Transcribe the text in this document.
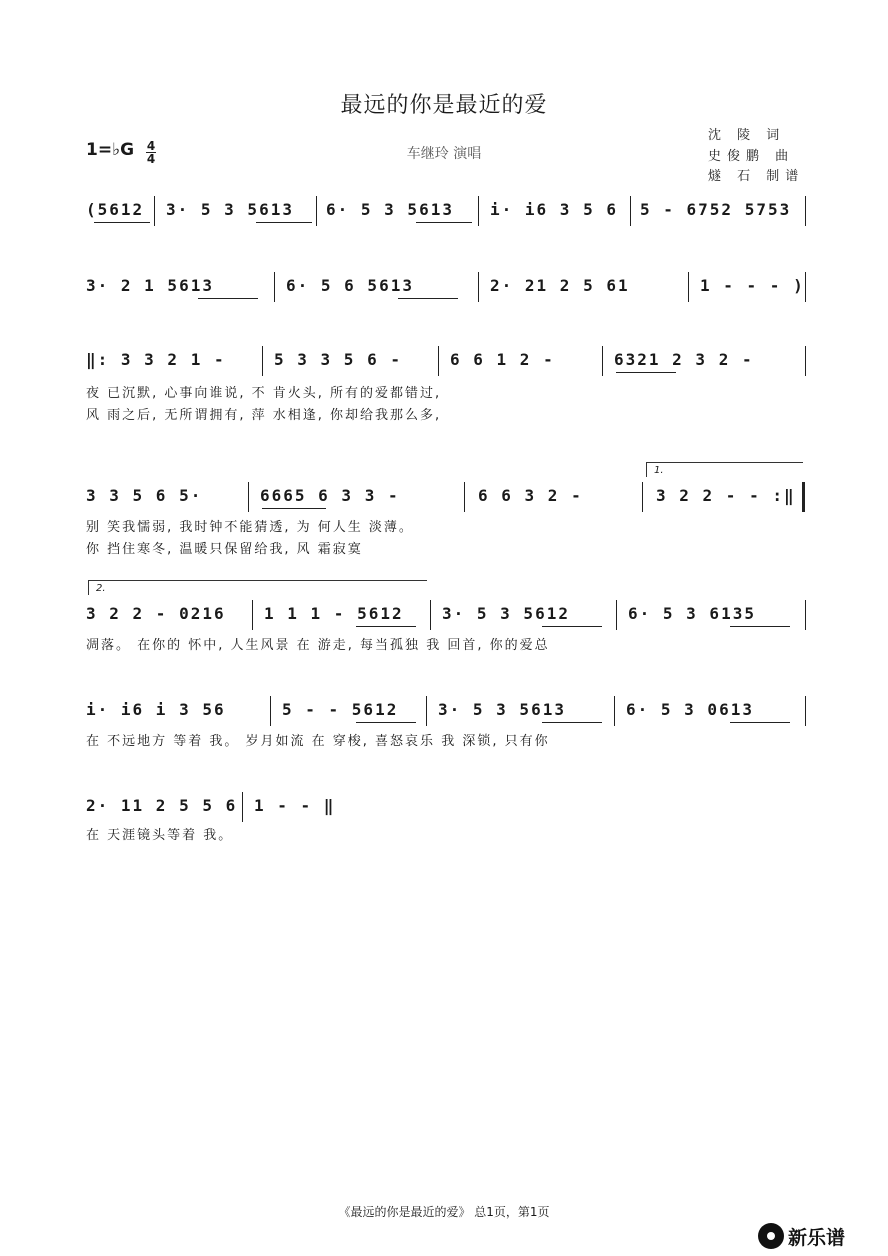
最远的你是最近的爱
1=♭G 4
4	车继玲 演唱
沈 陵 词
史俊鹏 曲
燧 石 制谱
(5612 3· 5 3 5613 6· 5 3 5613 i· i6 3 5 6 5 - 6752 5753
3· 2 1 5613	6· 5 6 5613	2· 21 2 5 61	1 - - - )
‖: 3 3 2 1 -	5 3 3 5 6 -	6 6 1 2 -	6321 2 3 2 -
夜 已沉默, 心事向谁说, 不 肯火头, 所有的爱都错过,
风 雨之后, 无所谓拥有, 萍 水相逢, 你却给我那么多,
1.
3 3 5 6 5·	6665 6 3 3 -	6 6 3 2 -	3 2 2 - - :‖
别 笑我懦弱, 我时钟不能猜透, 为 何人生 淡薄。
你 挡住寒冬, 温暖只保留给我, 风 霜寂寞
2.
3 2 2 - 0216 1 1 1 - 5612 3· 5 3 5612	6· 5 3 6135
凋落。 在你的 怀中, 人生风景 在 游走, 每当孤独 我 回首, 你的爱总
i· i6 i 3 56	5 - - 5612 3· 5 3 5613	6· 5 3 0613
在 不远地方 等着 我。 岁月如流 在 穿梭, 喜怒哀乐 我 深锁, 只有你
2· 11 2 5 5 6 1 - - ‖
在 天涯镜头等着 我。
《最远的你是最近的爱》 总1页，第1页
新乐谱
